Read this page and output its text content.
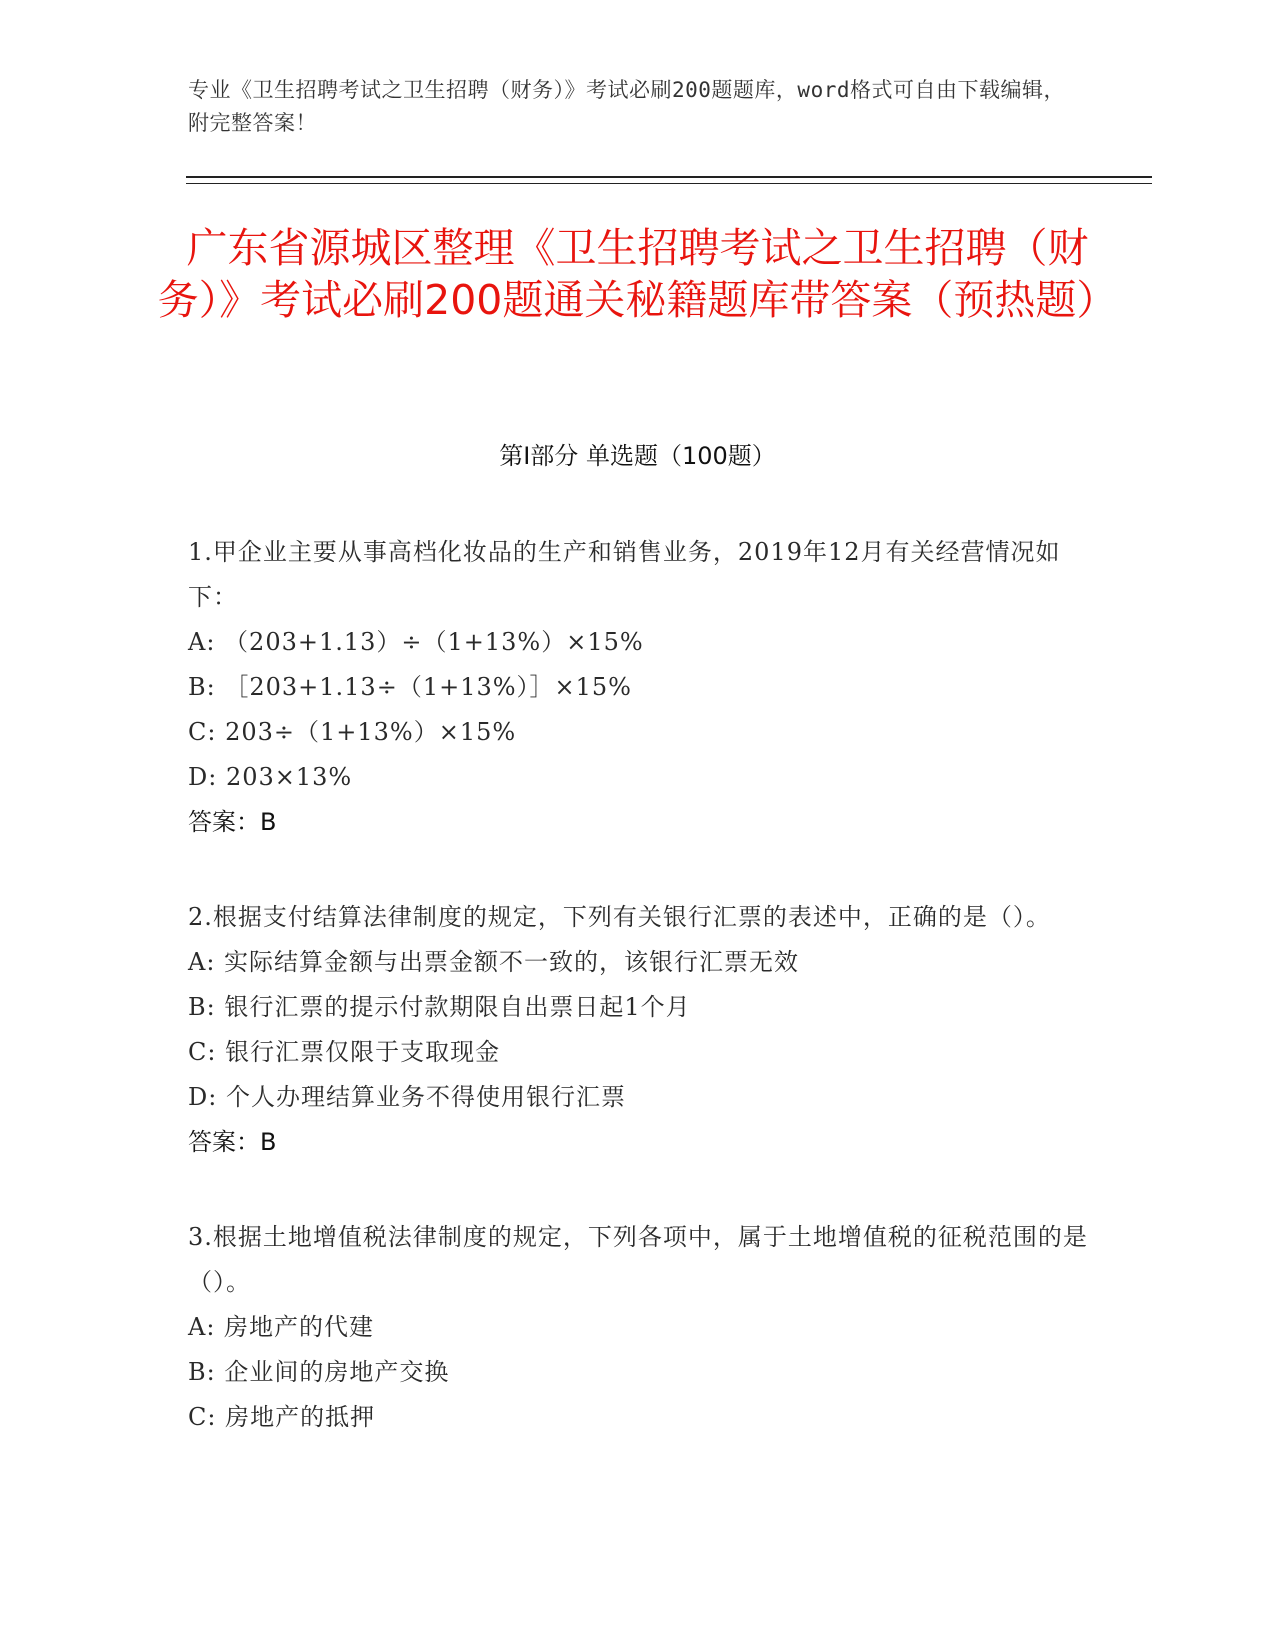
专业《卫生招聘考试之卫生招聘（财务）》考试必刷200题题库，word格式可自由下载编辑，附完整答案！
广东省源城区整理《卫生招聘考试之卫生招聘（财务）》考试必刷200题通关秘籍题库带答案（预热题）
第I部分 单选题（100题）

1.甲企业主要从事高档化妆品的生产和销售业务，2019年12月有关经营情况如下：

A: （203+1.13）÷（1+13%）×15%

B: ［203+1.13÷（1+13%）］×15%

C: 203÷（1+13%）×15%

D: 203×13%

答案：B

2.根据支付结算法律制度的规定，下列有关银行汇票的表述中，正确的是（）。

A: 实际结算金额与出票金额不一致的，该银行汇票无效

B: 银行汇票的提示付款期限自出票日起1个月

C: 银行汇票仅限于支取现金

D: 个人办理结算业务不得使用银行汇票

答案：B

3.根据土地增值税法律制度的规定，下列各项中，属于土地增值税的征税范围的是（）。

A: 房地产的代建

B: 企业间的房地产交换

C: 房地产的抵押
